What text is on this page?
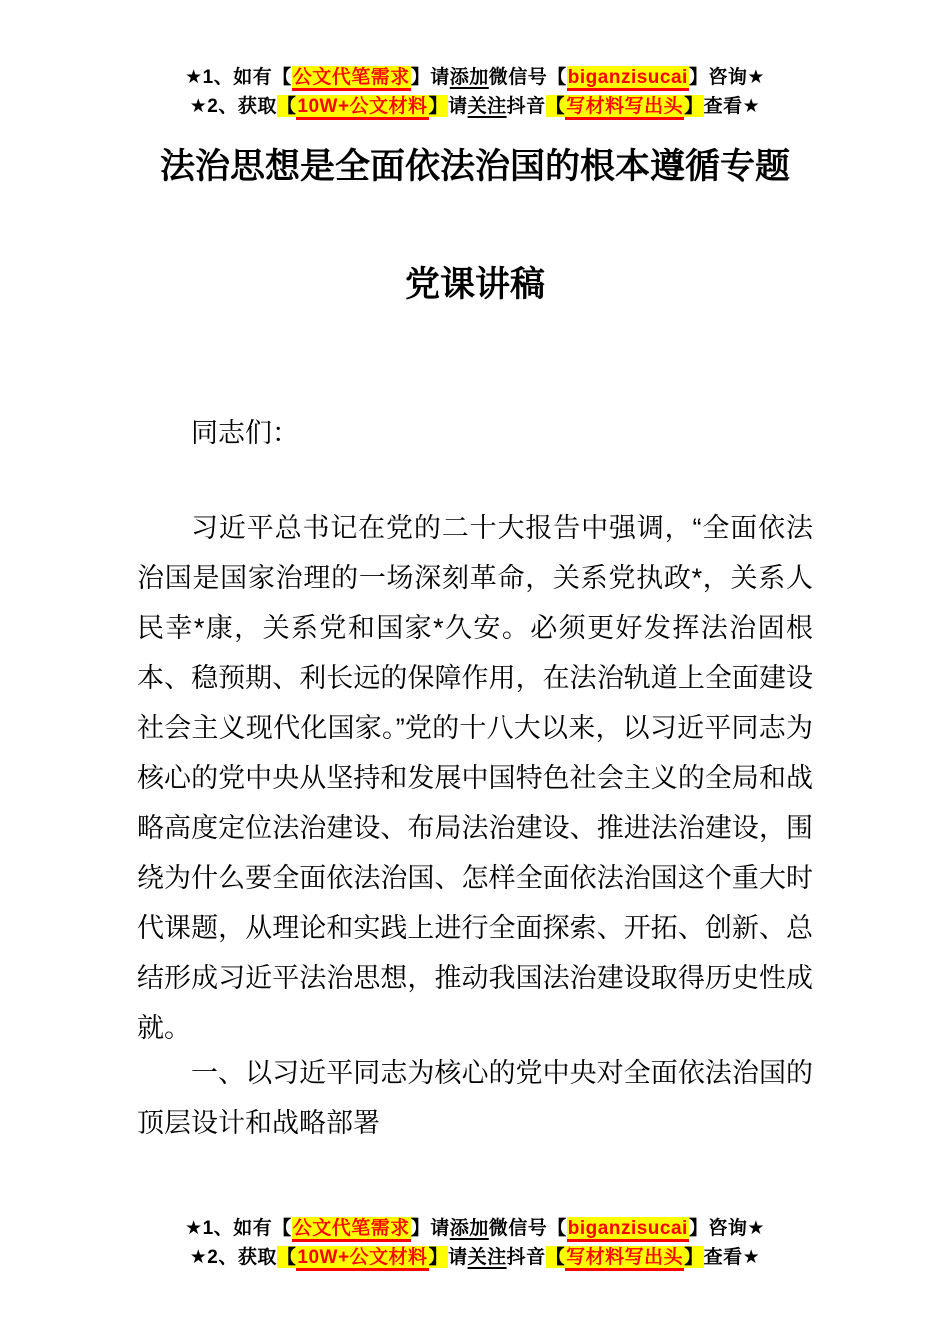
★1、如有【公文代笔需求】请添加微信号【biganzisucai】咨询★
★2、获取【10W+公文材料】请关注抖音【写材料写出头】查看★
法治思想是全面依法治国的根本遵循专题
党课讲稿

同志们：

习近平总书记在党的二十大报告中强调，“全面依法治国是国家治理的一场深刻革命，关系党执政*，关系人民幸*康，关系党和国家*久安。必须更好发挥法治固根本、稳预期、利长远的保障作用，在法治轨道上全面建设社会主义现代化国家。”党的十八大以来，以习近平同志为核心的党中央从坚持和发展中国特色社会主义的全局和战略高度定位法治建设、布局法治建设、推进法治建设，围绕为什么要全面依法治国、怎样全面依法治国这个重大时代课题，从理论和实践上进行全面探索、开拓、创新、总结形成习近平法治思想，推动我国法治建设取得历史性成就。

一、以习近平同志为核心的党中央对全面依法治国的顶层设计和战略部署

★1、如有【公文代笔需求】请添加微信号【biganzisucai】咨询★
★2、获取【10W+公文材料】请关注抖音【写材料写出头】查看★
